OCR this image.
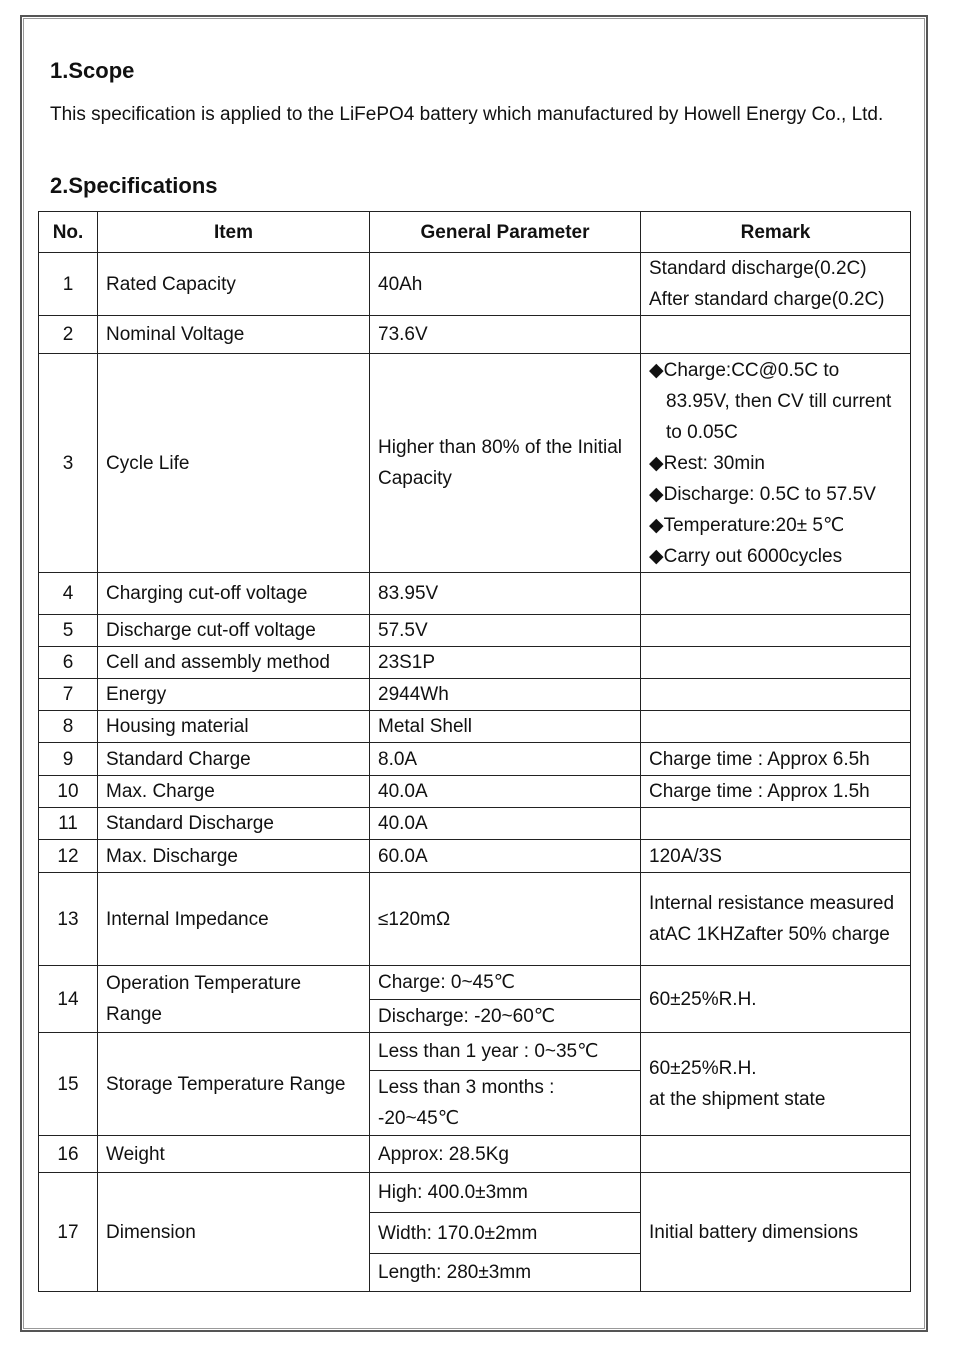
1.Scope

This specification is applied to the LiFePO4 battery which manufactured by Howell Energy Co., Ltd.

2.Specifications
No.	Item	General Parameter	Remark
1	Rated Capacity	40Ah	Standard discharge(0.2C)
After standard charge(0.2C)

2	Nominal Voltage	73.6V	
3	Cycle Life	Higher than 80% of the Initial Capacity	◆Charge:CC@0.5C to 83.95V, then CV till current to 0.05C
◆Rest: 30min
◆Discharge: 0.5C to 57.5V
◆Temperature:20± 5℃
◆Carry out 6000cycles

4	Charging cut-off voltage	83.95V	
5	Discharge cut-off voltage	57.5V	
6	Cell and assembly method	23S1P	
7	Energy	2944Wh	
8	Housing material	Metal Shell	
9	Standard Charge	8.0A	Charge time : Approx 6.5h
10	Max. Charge	40.0A	Charge time : Approx 1.5h
11	Standard Discharge	40.0A	
12	Max. Discharge	60.0A	120A/3S
13	Internal Impedance	≤120mΩ	Internal resistance measured atAC 1KHZafter 50% charge
14	Operation Temperature Range	Charge: 0~45℃	60±25%R.H.
		Discharge: -20~60℃	
15	Storage Temperature Range	Less than 1 year : 0~35℃	60±25%R.H.
at the shipment state

		Less than 3 months : -20~45℃	
16	Weight	Approx: 28.5Kg	
17	Dimension	High: 400.0±3mm	Initial battery dimensions
		Width: 170.0±2mm	
		Length: 280±3mm	
